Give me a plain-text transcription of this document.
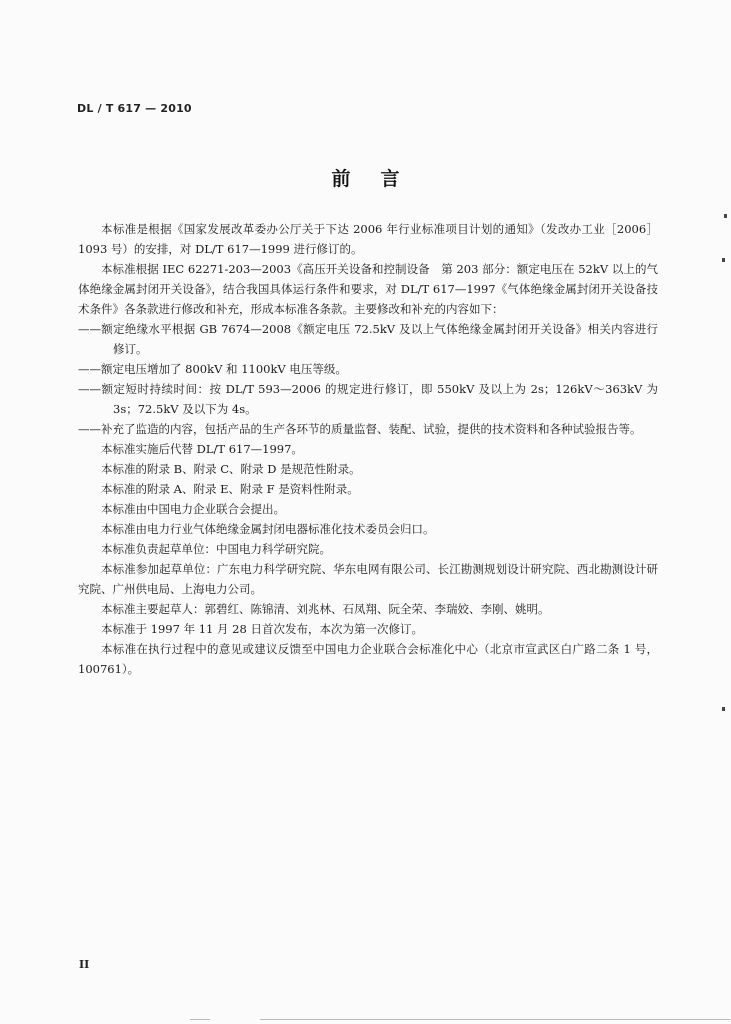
DL / T 617 — 2010
前言

本标准是根据《国家发展改革委办公厅关于下达 2006 年行业标准项目计划的通知》（发改办工业［2006］1093 号）的安排，对 DL/T 617—1999 进行修订的。

本标准根据 IEC 62271-203—2003《高压开关设备和控制设备　第 203 部分：额定电压在 52kV 以上的气体绝缘金属封闭开关设备》，结合我国具体运行条件和要求，对 DL/T 617—1997《气体绝缘金属封闭开关设备技术条件》各条款进行修改和补充，形成本标准各条款。主要修改和补充的内容如下：

——额定绝缘水平根据 GB 7674—2008《额定电压 72.5kV 及以上气体绝缘金属封闭开关设备》相关内容进行修订。

——额定电压增加了 800kV 和 1100kV 电压等级。

——额定短时持续时间：按 DL/T 593—2006 的规定进行修订，即 550kV 及以上为 2s；126kV～363kV 为 3s；72.5kV 及以下为 4s。

——补充了监造的内容，包括产品的生产各环节的质量监督、装配、试验，提供的技术资料和各种试验报告等。

本标准实施后代替 DL/T 617—1997。

本标准的附录 B、附录 C、附录 D 是规范性附录。

本标准的附录 A、附录 E、附录 F 是资料性附录。

本标准由中国电力企业联合会提出。

本标准由电力行业气体绝缘金属封闭电器标准化技术委员会归口。

本标准负责起草单位：中国电力科学研究院。

本标准参加起草单位：广东电力科学研究院、华东电网有限公司、长江勘测规划设计研究院、西北勘测设计研究院、广州供电局、上海电力公司。

本标准主要起草人：郭碧红、陈锦清、刘兆林、石凤翔、阮全荣、李瑞姣、李刚、姚明。

本标准于 1997 年 11 月 28 日首次发布，本次为第一次修订。

本标准在执行过程中的意见或建议反馈至中国电力企业联合会标准化中心（北京市宣武区白广路二条 1 号，100761）。

II
